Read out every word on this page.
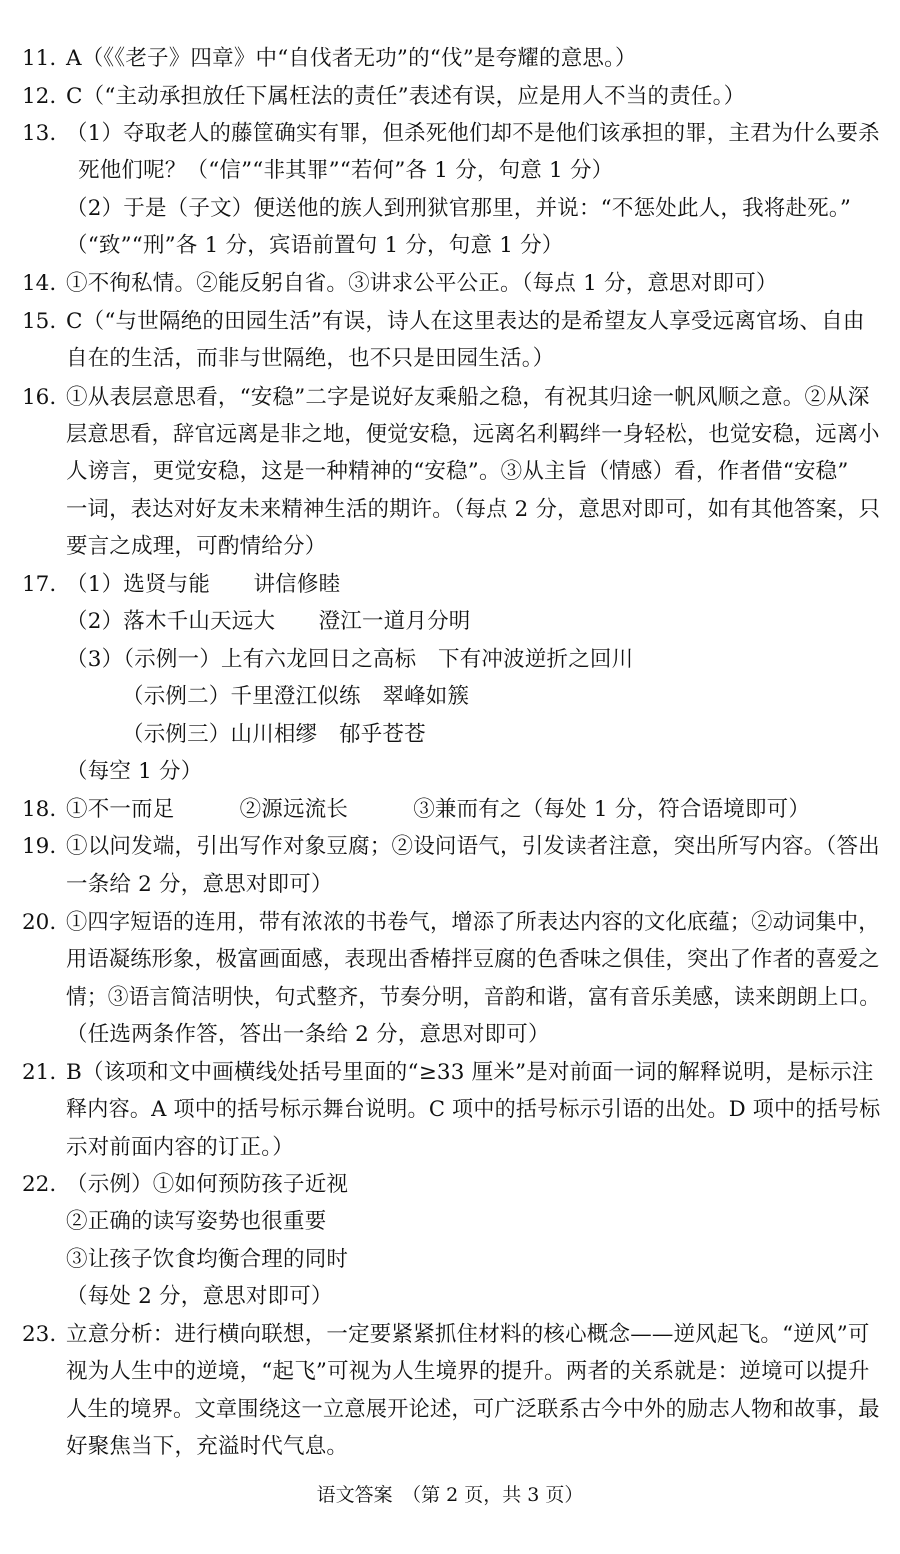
11. A（《《老子》四章》中“自伐者无功”的“伐”是夸耀的意思。）
12. C（“主动承担放任下属枉法的责任”表述有误，应是用人不当的责任。）
13. （1）夺取老人的藤筐确实有罪，但杀死他们却不是他们该承担的罪，主君为什么要杀
死他们呢？（“信”“非其罪”“若何”各 1 分，句意 1 分）
（2）于是（子文）便送他的族人到刑狱官那里，并说：“不惩处此人，我将赴死。”
（“致”“刑”各 1 分，宾语前置句 1 分，句意 1 分）
14. ①不徇私情。②能反躬自省。③讲求公平公正。（每点 1 分，意思对即可）
15. C（“与世隔绝的田园生活”有误，诗人在这里表达的是希望友人享受远离官场、自由
自在的生活，而非与世隔绝，也不只是田园生活。）
16. ①从表层意思看，“安稳”二字是说好友乘船之稳，有祝其归途一帆风顺之意。②从深
层意思看，辞官远离是非之地，便觉安稳，远离名利羁绊一身轻松，也觉安稳，远离小
人谤言，更觉安稳，这是一种精神的“安稳”。③从主旨（情感）看，作者借“安稳”
一词，表达对好友未来精神生活的期许。（每点 2 分，意思对即可，如有其他答案，只
要言之成理，可酌情给分）
17. （1）选贤与能　　讲信修睦
（2）落木千山天远大　　澄江一道月分明
（3）（示例一）上有六龙回日之高标　下有冲波逆折之回川
（示例二）千里澄江似练　翠峰如簇
（示例三）山川相缪　郁乎苍苍
（每空 1 分）
18. ①不一而足　　　②源远流长　　　③兼而有之（每处 1 分，符合语境即可）
19. ①以问发端，引出写作对象豆腐；②设问语气，引发读者注意，突出所写内容。（答出
一条给 2 分，意思对即可）
20. ①四字短语的连用，带有浓浓的书卷气，增添了所表达内容的文化底蕴；②动词集中，
用语凝练形象，极富画面感，表现出香椿拌豆腐的色香味之俱佳，突出了作者的喜爱之
情；③语言简洁明快，句式整齐，节奏分明，音韵和谐，富有音乐美感，读来朗朗上口。
（任选两条作答，答出一条给 2 分，意思对即可）
21. B（该项和文中画横线处括号里面的“≥33 厘米”是对前面一词的解释说明，是标示注
释内容。A 项中的括号标示舞台说明。C 项中的括号标示引语的出处。D 项中的括号标
示对前面内容的订正。）
22. （示例）①如何预防孩子近视
②正确的读写姿势也很重要
③让孩子饮食均衡合理的同时
（每处 2 分，意思对即可）
23. 立意分析：进行横向联想，一定要紧紧抓住材料的核心概念——逆风起飞。“逆风”可
视为人生中的逆境，“起飞”可视为人生境界的提升。两者的关系就是：逆境可以提升
人生的境界。文章围绕这一立意展开论述，可广泛联系古今中外的励志人物和故事，最
好聚焦当下，充溢时代气息。
语文答案　（第 2 页，共 3 页）
